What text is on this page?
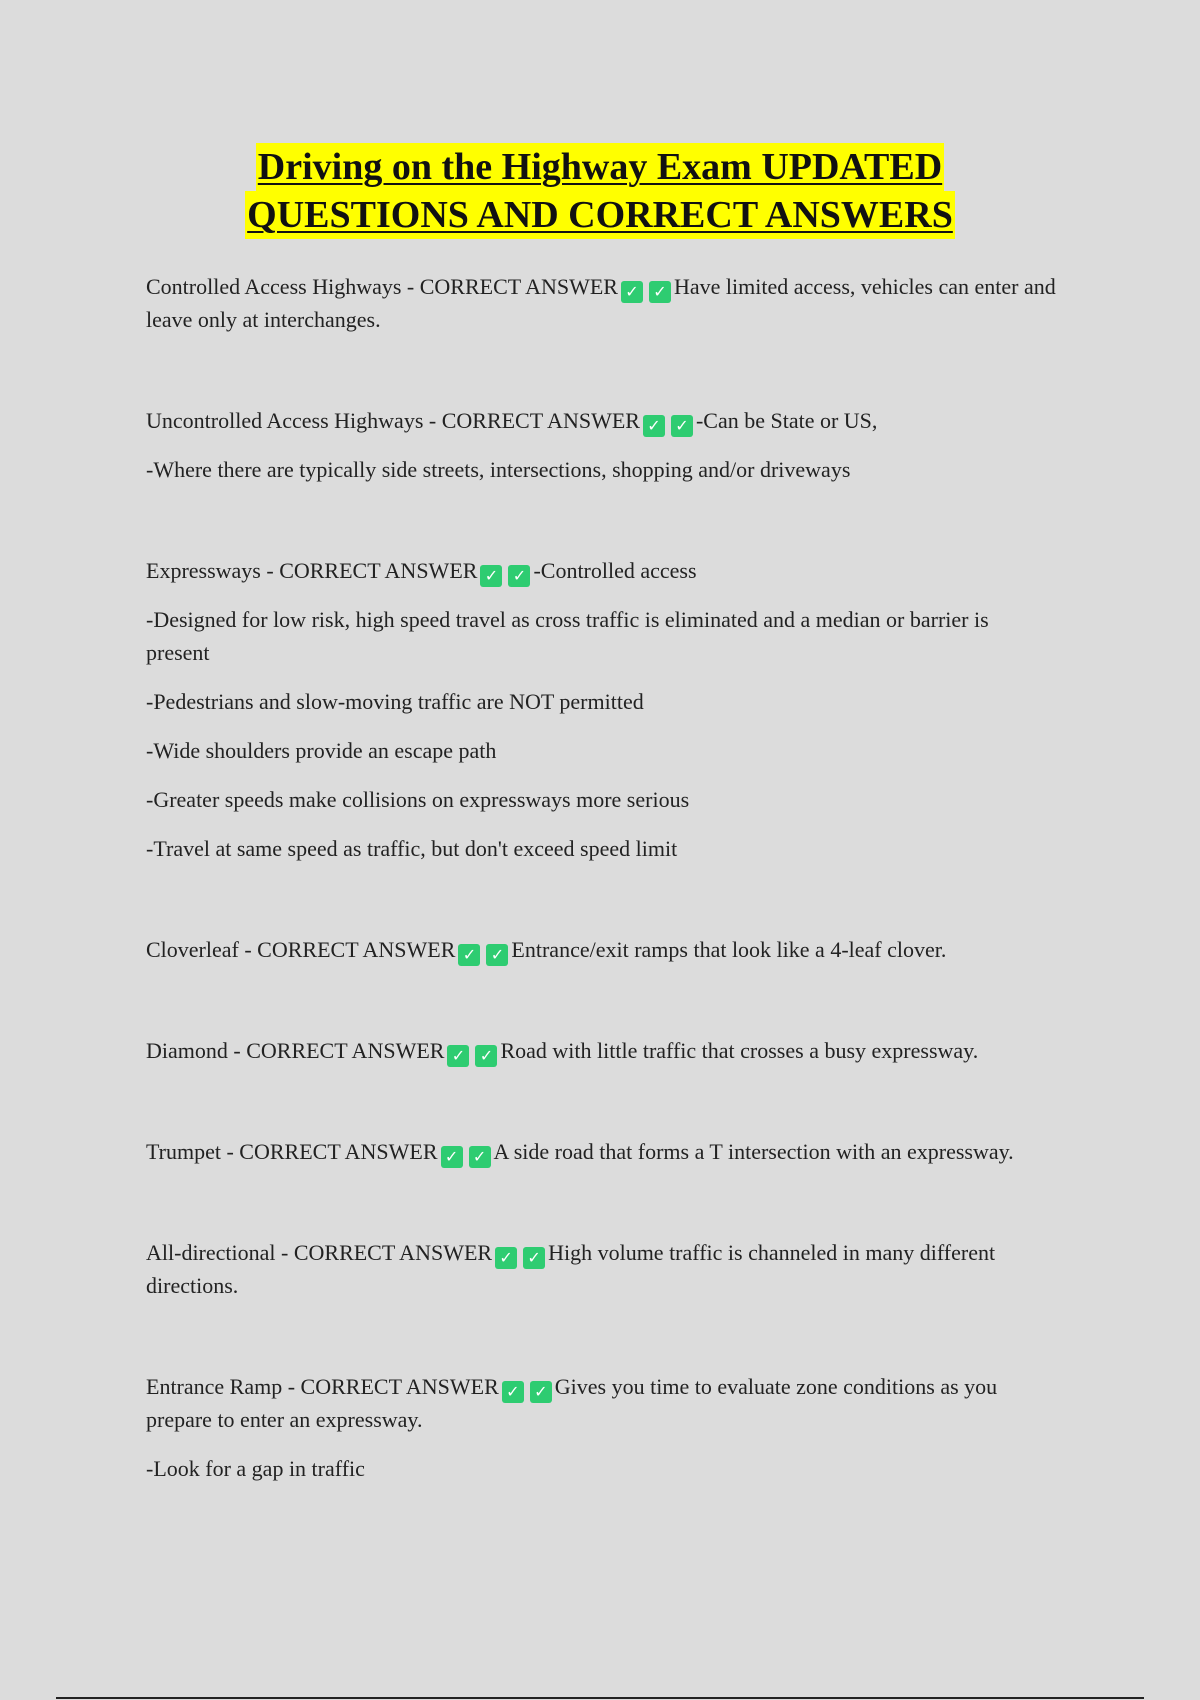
Driving on the Highway Exam UPDATED
QUESTIONS AND CORRECT ANSWERS

Controlled Access Highways - CORRECT ANSWER ✓ ✓ Have limited access, vehicles can enter and leave only at interchanges.

Uncontrolled Access Highways - CORRECT ANSWER ✓ ✓ -Can be State or US,

-Where there are typically side streets, intersections, shopping and/or driveways

Expressways - CORRECT ANSWER ✓ ✓ -Controlled access

-Designed for low risk, high speed travel as cross traffic is eliminated and a median or barrier is present

-Pedestrians and slow-moving traffic are NOT permitted

-Wide shoulders provide an escape path

-Greater speeds make collisions on expressways more serious

-Travel at same speed as traffic, but don't exceed speed limit

Cloverleaf - CORRECT ANSWER ✓ ✓ Entrance/exit ramps that look like a 4-leaf clover.

Diamond - CORRECT ANSWER ✓ ✓ Road with little traffic that crosses a busy expressway.

Trumpet - CORRECT ANSWER ✓ ✓ A side road that forms a T intersection with an expressway.

All-directional - CORRECT ANSWER ✓ ✓ High volume traffic is channeled in many different directions.

Entrance Ramp - CORRECT ANSWER ✓ ✓ Gives you time to evaluate zone conditions as you prepare to enter an expressway.

-Look for a gap in traffic
